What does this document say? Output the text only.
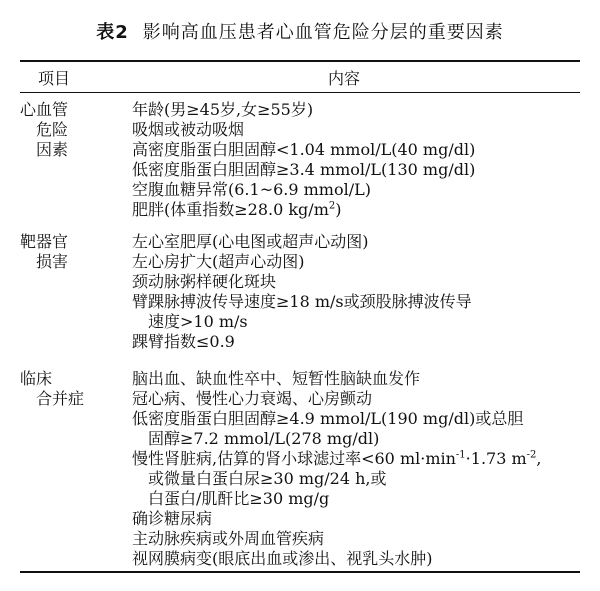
表2 影响高血压患者心血管危险分层的重要因素
项目	内容
心血管
危险
因素
年龄(男≥45岁,女≥55岁)
吸烟或被动吸烟
高密度脂蛋白胆固醇<1.04 mmol/L(40 mg/dl)
低密度脂蛋白胆固醇≥3.4 mmol/L(130 mg/dl)
空腹血糖异常(6.1~6.9 mmol/L)
肥胖(体重指数≥28.0 $kg/m^2$)
靶器官
损害
左心室肥厚(心电图或超声心动图)
左心房扩大(超声心动图)
颈动脉粥样硬化斑块
臂踝脉搏波传导速度≥18 m/s或颈股脉搏波传导
速度>10 m/s
踝臂指数≤0.9
临床
合并症
脑出血、缺血性卒中、短暂性脑缺血发作
冠心病、慢性心力衰竭、心房颤动
低密度脂蛋白胆固醇≥4.9 mmol/L(190 mg/dl)或总胆
固醇≥7.2 mmol/L(278 mg/dl)
慢性肾脏病,估算的肾小球滤过率<60 $ml\cdot\min^{-1}\cdot 1.73$ $m^{-2}$,
或微量白蛋白尿≥30 mg/24 h,或
白蛋白/肌酐比≥30 mg/g
确诊糖尿病
主动脉疾病或外周血管疾病
视网膜病变(眼底出血或渗出、视乳头水肿)
